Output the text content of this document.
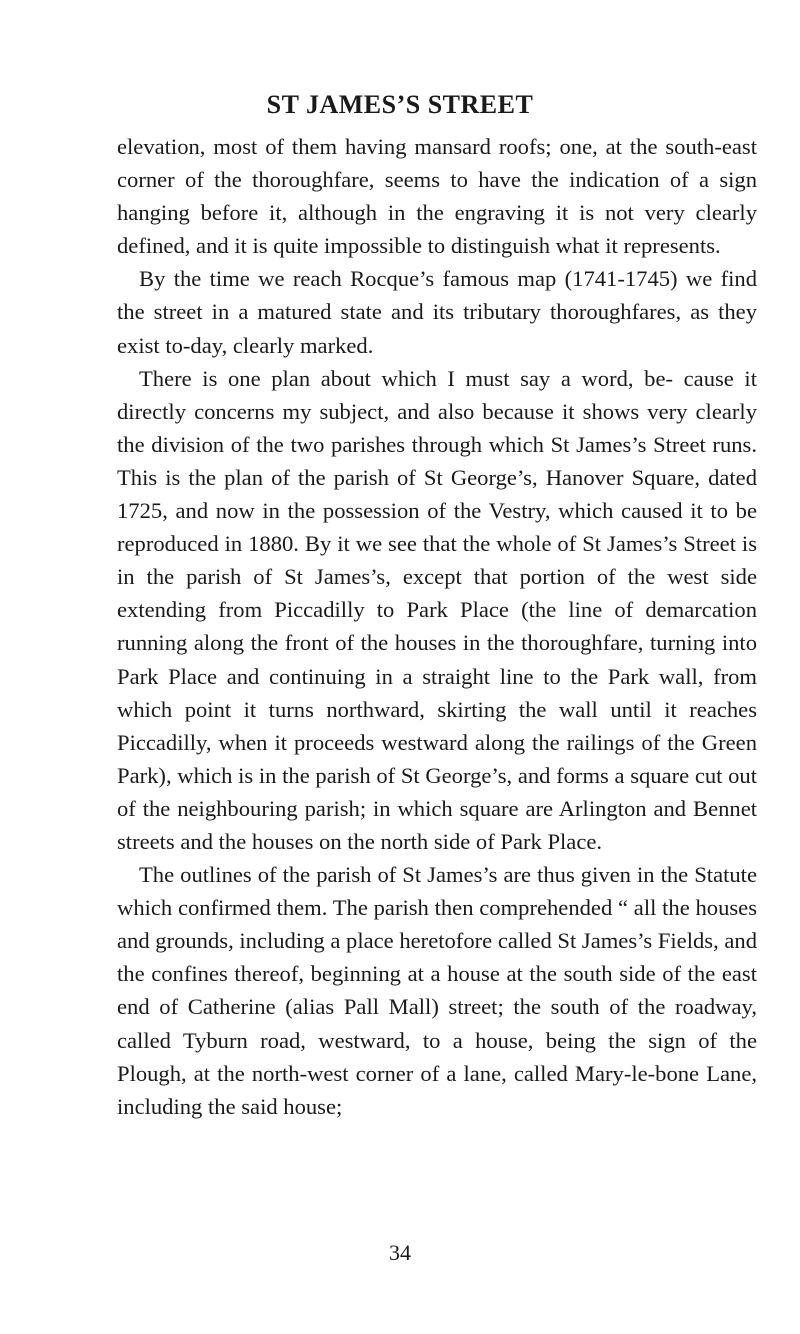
ST JAMES’S STREET

elevation, most of them having mansard roofs; one, at the south-east corner of the thoroughfare, seems to have the indication of a sign hanging before it, although in the engraving it is not very clearly defined, and it is quite impossible to distinguish what it represents.

By the time we reach Rocque’s famous map (1741-1745) we find the street in a matured state and its tributary thoroughfares, as they exist to-day, clearly marked.

There is one plan about which I must say a word, be- cause it directly concerns my subject, and also because it shows very clearly the division of the two parishes through which St James’s Street runs. This is the plan of the parish of St George’s, Hanover Square, dated 1725, and now in the possession of the Vestry, which caused it to be reproduced in 1880. By it we see that the whole of St James’s Street is in the parish of St James’s, except that portion of the west side extending from Piccadilly to Park Place (the line of demarcation running along the front of the houses in the thoroughfare, turning into Park Place and continuing in a straight line to the Park wall, from which point it turns northward, skirting the wall until it reaches Piccadilly, when it proceeds westward along the railings of the Green Park), which is in the parish of St George’s, and forms a square cut out of the neighbouring parish; in which square are Arlington and Bennet streets and the houses on the north side of Park Place.

The outlines of the parish of St James’s are thus given in the Statute which confirmed them. The parish then comprehended “ all the houses and grounds, including a place heretofore called St James’s Fields, and the confines thereof, beginning at a house at the south side of the east end of Catherine (alias Pall Mall) street; the south of the roadway, called Tyburn road, westward, to a house, being the sign of the Plough, at the north-west corner of a lane, called Mary-le-bone Lane, including the said house;

34
